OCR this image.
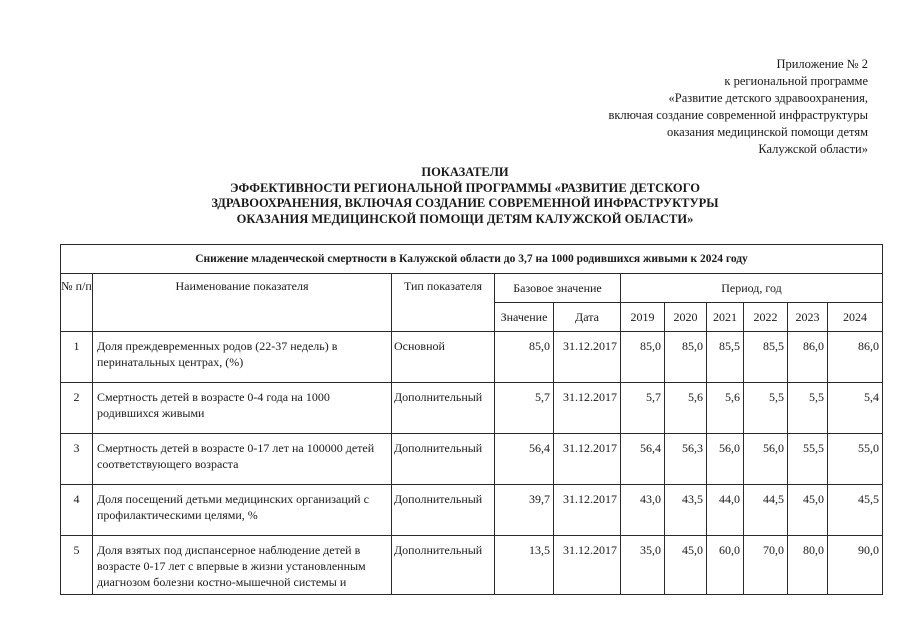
Приложение № 2
к региональной программе
«Развитие детского здравоохранения,
включая создание современной инфраструктуры
оказания медицинской помощи детям
Калужской области»
ПОКАЗАТЕЛИ
ЭФФЕКТИВНОСТИ РЕГИОНАЛЬНОЙ ПРОГРАММЫ «РАЗВИТИЕ ДЕТСКОГО
ЗДРАВООХРАНЕНИЯ, ВКЛЮЧАЯ СОЗДАНИЕ СОВРЕМЕННОЙ ИНФРАСТРУКТУРЫ
ОКАЗАНИЯ МЕДИЦИНСКОЙ ПОМОЩИ ДЕТЯМ КАЛУЖСКОЙ ОБЛАСТИ»
Снижение младенческой смертности в Калужской области до 3,7 на 1000 родившихся живыми к 2024 году										
№ п/п	Наименование показателя	Тип показателя	Базовое значение		Период, год					
			Значение	Дата	2019	2020	2021	2022	2023	2024
1	Доля преждевременных родов (22-37 недель) в перинатальных центрах, (%)	Основной	85,0	31.12.2017	85,0	85,0	85,5	85,5	86,0	86,0
2	Смертность детей в возрасте 0-4 года на 1000 родившихся живыми	Дополнительный	5,7	31.12.2017	5,7	5,6	5,6	5,5	5,5	5,4
3	Смертность детей в возрасте 0-17 лет на 100000 детей соответствующего возраста	Дополнительный	56,4	31.12.2017	56,4	56,3	56,0	56,0	55,5	55,0
4	Доля посещений детьми медицинских организаций с профилактическими целями, %	Дополнительный	39,7	31.12.2017	43,0	43,5	44,0	44,5	45,0	45,5
5	Доля взятых под диспансерное наблюдение детей в возрасте 0-17 лет с впервые в жизни установленным диагнозом болезни костно-мышечной системы и	Дополнительный	13,5	31.12.2017	35,0	45,0	60,0	70,0	80,0	90,0
